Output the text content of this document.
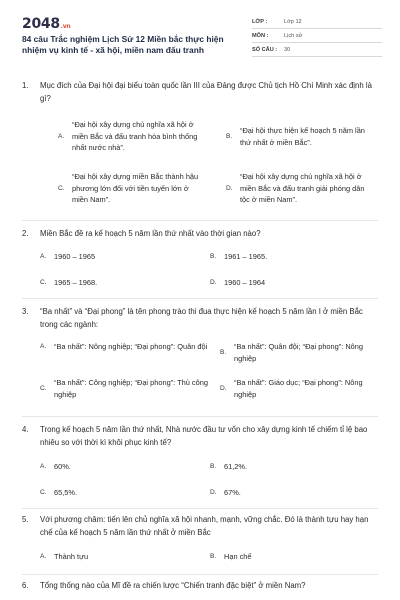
2048.vn
84 câu Trắc nghiệm Lịch Sử 12 Miền bắc thực hiện nhiệm vụ kinh tế - xã hội, miền nam đấu tranh
LỚP :	Lớp 12
MÔN :	Lịch sử
SỐ CÂU :	30
1.	Mục đích của Đại hội đại biểu toàn quốc lần III của Đảng được Chủ tịch Hồ Chí Minh xác định là gì?
A.
“Đại hội xây dựng chủ nghĩa xã hội ở miền Bắc và đấu tranh hòa bình thống nhất nước nhà”.
B.
“Đại hội thực hiện kế hoạch 5 năm lần thứ nhất ở miền Bắc”.
C.
“Đại hội xây dựng miền Bắc thành hậu phương lớn đối với tiền tuyến lớn ở miền Nam”.
D.
“Đại hội xây dựng chủ nghĩa xã hội ở miền Bắc và đấu tranh giải phóng dân tộc ở miền Nam”.
2.	Miền Bắc đề ra kế hoạch 5 năm lần thứ nhất vào thời gian nào?
A.	1960 – 1965	B.	1961 – 1965.
C.	1965 – 1968.	D.	1960 – 1964
3.	“Ba nhất” và “Đại phong” là tên phong trào thi đua thực hiện kế hoạch 5 năm lần I ở miền Bắc trong các ngành:
A.	“Ba nhất”: Nông nghiệp; “Đại phong”: Quân đội
B.
“Ba nhất”: Quân đội; “Đại phong”: Nông nghiệp
C.
“Ba nhất”: Công nghiệp; “Đại phong”: Thủ công nghiệp
D.
“Ba nhất”: Giáo dục; “Đại phong”: Nông nghiệp
4.	Trong kế hoạch 5 năm lần thứ nhất, Nhà nước đầu tư vốn cho xây dựng kinh tế chiếm tỉ lệ bao nhiêu so với thời kì khôi phục kinh tế?
A.	60%.	B.	61,2%.
C.	65,5%.	D.	67%.
5.	Với phương châm: tiến lên chủ nghĩa xã hội nhanh, mạnh, vững chắc. Đó là thành tựu hay hạn chế của kế hoạch 5 năm lần thứ nhất ở miền Bắc
A.	Thành tựu	B.	Hạn chế
6.	Tổng thống nào của Mĩ đề ra chiến lược “Chiến tranh đặc biệt” ở miền Nam?
